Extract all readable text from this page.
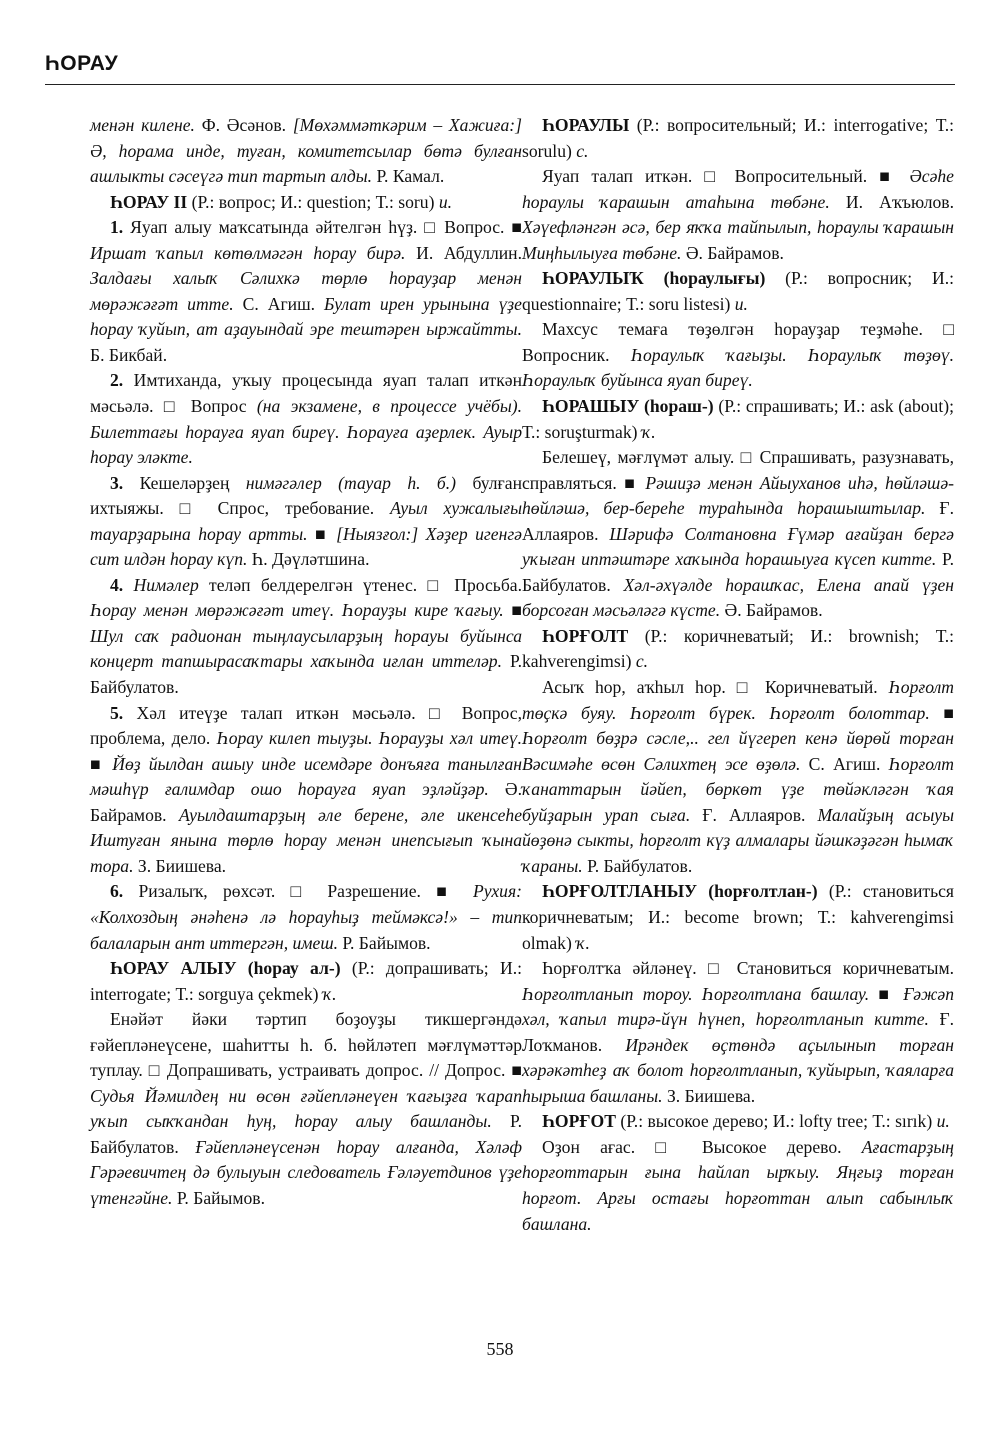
ҺОРАУ

менән килене. Ф. Әсәнов. [Мөхәммәткәрим – Хажиға:] Ә, һорама инде, туған, комитетсылар бөтә булған ашлыкты сәсеүгә тип тартып алды. Р. Камал.

ҺОРАУ II (Р.: вопрос; И.: question; Т.: soru) и.

1. Яуап алыу маҡсатында әйтелгән һүҙ. □ Вопрос. ■ Иршат ҡапыл көтөлмәгән һорау бирә. И. Абдуллин. Залдағы халыҡ Сәлихкә төрлө һорауҙар менән мөрәжәғәт итте. С. Агиш. Булат ирен урынына үҙе һорау ҡуйып, ат аҙауындай эре тештәрен ыржайтты. Б. Бикбай.

2. Имтиханда, уҡыу процесында яуап талап иткән мәсьәлә. □ Вопрос (на экзамене, в процессе учёбы). Билеттағы һорауға яуап биреү. Һорауға аҙерлек. Ауыр һорау эләкте.

3. Кешеләрҙең нимәгәлер (тауар һ. б.) булған ихтыяжы. □ Спрос, требование. Ауыл хужалығы тауарҙарына һорау артты. ■ [Ныязғол:] Хәҙер игенгә сит илдән һорау күп. Һ. Дәүләтшина.

4. Нимәлер теләп белдерелгән үтенес. □ Просьба. Һорау менән мөрәжәғәт итеү. Һорауҙы кире ҡағыу. ■ Шул саҡ радионан тыңлаусыларҙың һорауы буйынса концерт тапшырасаҡтары хаҡында иғлан иттеләр. Р. Байбулатов.

5. Хәл итеүҙе талап иткән мәсьәлә. □ Вопрос, проблема, дело. Һорау килеп тыуҙы. Һорауҙы хәл итеү. ■ Йөҙ йылдан ашыу инде исемдәре донъяға танылған мәшһүр ғалимдар ошо һорауға яуап эҙләйҙәр. Ә. Байрамов. Ауылдаштарҙың әле берене, әле икенсеһе Иштуған янына төрлө һорау менән инепсығып ҡына тора. З. Биишева.

6. Ризалыҡ, рөхсәт. □ Разрешение. ■ Рухия: «Колхоздың әнәһенә лә һорауһыҙ теймәксә!» – тип балаларын ант иттергән, имеш. Р. Байымов.

ҺОРАУ АЛЫУ (һорау ал-) (Р.: допрашивать; И.: interrogate; Т.: sorguya çekmek) ҡ.

Енәйәт йәки тәртип боҙоуҙы тикшергәндә ғәйепләнеүсене, шаһитты һ. б. һөйләтеп мәғлүмәттәр туплау. □ Допрашивать, устраивать допрос. // Допрос. ■ Судья Йәмилдең ни өсөн ғәйепләнеүен ҡағыҙға ҡарап уҡып сыҡҡандан һуң, һорау алыу башланды. Р. Байбулатов. Ғәйепләнеүсенән һорау алғанда, Хәләф Гәрәевичтең дә булыуын следователь Ғәләуетдинов үҙе үтенгәйне. Р. Байымов.

ҺОРАУЛЫ (Р.: вопросительный; И.: interrogative; Т.: sorulu) с.

Яуап талап иткән. □ Вопросительный. ■ Әсәһе һораулы ҡарашын атаһына төбәне. И. Аҡъюлов. Хәүефләнгән әсә, бер яҡҡа тайпылып, һораулы ҡарашын Миңһылыуға төбәне. Ә. Байрамов.

ҺОРАУЛЫҠ (һораулығы) (Р.: вопросник; И.: questionnaire; Т.: soru listesi) и.

Махсус темаға төҙөлгән һорауҙар теҙмәһе. □ Вопросник. Һораулыҡ ҡағыҙы. Һораулыҡ төҙөү. Һораулыҡ буйынса яуап биреү.

ҺОРАШЫУ (һораш-) (Р.: спрашивать; И.: ask (about); Т.: soruşturmak) ҡ.

Белешеү, мәғлүмәт алыу. □ Спрашивать, разузнавать, справляться. ■ Рәшиҙә менән Айыуханов иһә, һөйләшә-һөйләшә, бер-береһе тураһында һорашыштылар. Ғ. Аллаяров. Шәрифә Солтановна Ғүмәр ағайҙан бергә уҡыған иптәштәре хаҡында һорашыуға күсеп китте. Р. Байбулатов. Хәл-әхүәлде һорашҡас, Елена апай үҙен борсоған мәсьәләгә күсте. Ә. Байрамов.

ҺОРҒОЛТ (Р.: коричневатый; И.: brownish; Т.: kahverengimsi) с.

Асыҡ һор, аҡһыл һор. □ Коричневатый. Һорғолт төҫкә буяу. Һорғолт бүрек. Һорғолт болоттар. ■ Һорғолт бөҙрә сәсле,.. гел йүгереп кенә йөрөй торған Вәсимәһе өсөн Сәлихтең эсе өҙөлә. С. Агиш. Һорғолт ҡанаттарын йәйеп, бөркөт үҙе төйәкләгән ҡая буйҙарын урап сыға. Ғ. Аллаяров. Малайҙың асыуы йөҙөнә сыкты, һорғолт күҙ алмалары йәшкәҙәгән һымаҡ ҡараны. Р. Байбулатов.

ҺОРҒОЛТЛАНЫУ (һорғолтлан-) (Р.: становиться коричневатым; И.: become brown; Т.: kahverengimsi olmak) ҡ.

Һорғолтҡа әйләнеү. □ Становиться коричневатым. Һорғолтланып тороу. Һорғолтлана башлау. ■ Ғәжәп хәл, ҡапыл тирә-йүн һүнеп, һорғолтланып китте. Ғ. Лоҡманов. Ирәндек өҫтөндә аҫылынып торған хәрәкәтһеҙ аҡ болот һорғолтланып, ҡуйырып, ҡаяларға һырыша башланы. З. Биишева.

ҺОРҒОТ (Р.: высокое дерево; И.: lofty tree; Т.: sırık) и.

Оҙон ағас. □ Высокое дерево. Ағастарҙың һорғоттарын ғына һайлап ырҡыу. Яңғыҙ торған һорғот. Арғы остағы һорғоттан алып сабынлыҡ башлана.

558
